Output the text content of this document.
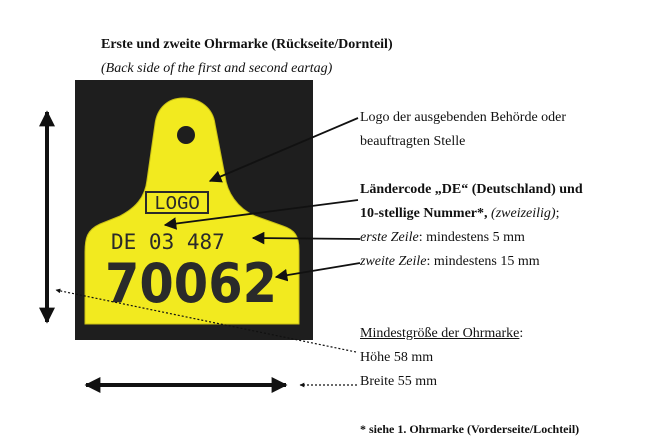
Erste und zweite Ohrmarke (Rückseite/Dornteil)
(Back side of the first and second eartag)
LOGO
DE 03 487
70062
Logo der ausgebenden Behörde oder
beauftragten Stelle
Ländercode „DE“ (Deutschland) und
10-stellige Nummer*, (zweizeilig);
erste Zeile: mindestens 5 mm
zweite Zeile: mindestens 15 mm
Mindestgröße der Ohrmarke:
Höhe 58 mm
Breite 55 mm
* siehe 1. Ohrmarke (Vorderseite/Lochteil)
